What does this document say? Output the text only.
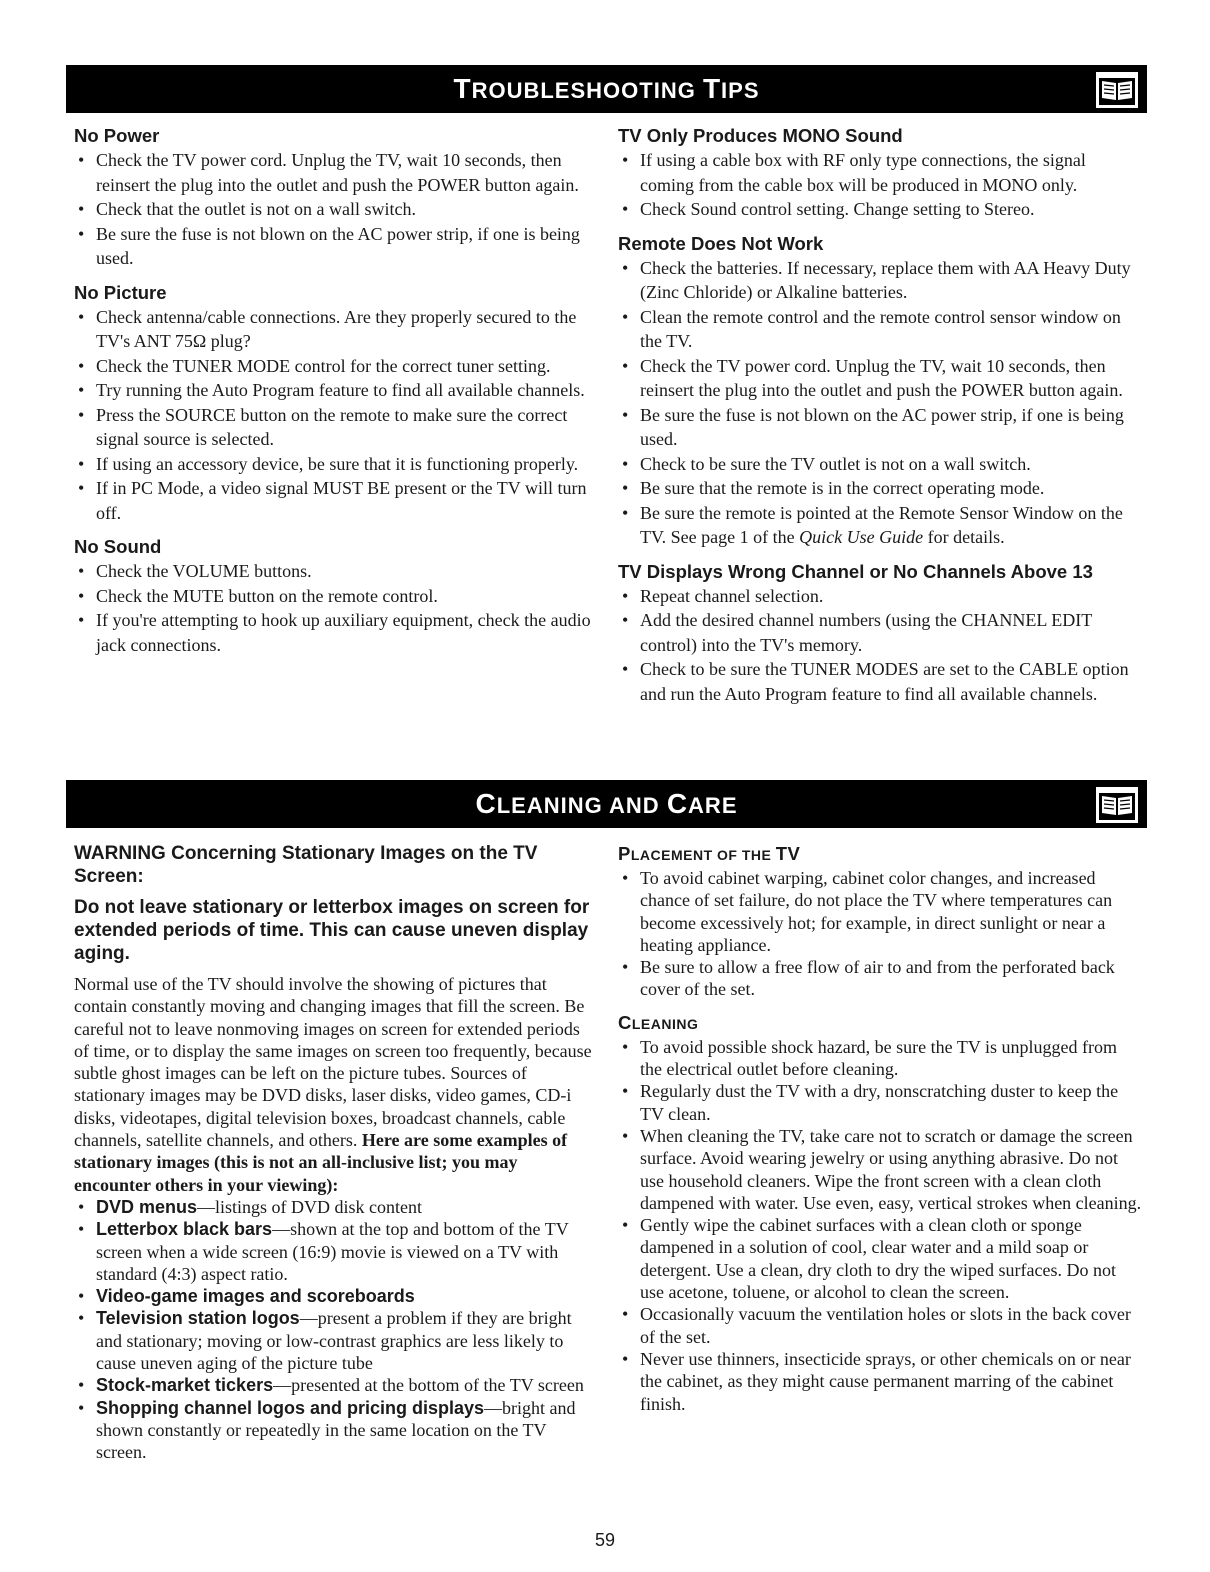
TROUBLESHOOTING TIPS

No Power

• Check the TV power cord. Unplug the TV, wait 10 seconds, then reinsert the plug into the outlet and push the POWER button again.
• Check that the outlet is not on a wall switch.
• Be sure the fuse is not blown on the AC power strip, if one is being used.

No Picture

• Check antenna/cable connections. Are they properly secured to the TV's ANT 75Ω plug?
• Check the TUNER MODE control for the correct tuner setting.
• Try running the Auto Program feature to find all available channels.
• Press the SOURCE button on the remote to make sure the correct signal source is selected.
• If using an accessory device, be sure that it is functioning properly.
• If in PC Mode, a video signal MUST BE present or the TV will turn off.

No Sound

• Check the VOLUME buttons.
• Check the MUTE button on the remote control.
• If you're attempting to hook up auxiliary equipment, check the audio jack connections.

TV Only Produces MONO Sound

• If using a cable box with RF only type connections, the signal coming from the cable box will be produced in MONO only.
• Check Sound control setting. Change setting to Stereo.

Remote Does Not Work

• Check the batteries. If necessary, replace them with AA Heavy Duty (Zinc Chloride) or Alkaline batteries.
• Clean the remote control and the remote control sensor window on the TV.
• Check the TV power cord. Unplug the TV, wait 10 seconds, then reinsert the plug into the outlet and push the POWER button again.
• Be sure the fuse is not blown on the AC power strip, if one is being used.
• Check to be sure the TV outlet is not on a wall switch.
• Be sure that the remote is in the correct operating mode.
• Be sure the remote is pointed at the Remote Sensor Window on the TV. See page 1 of the Quick Use Guide for details.

TV Displays Wrong Channel or No Channels Above 13

• Repeat channel selection.
• Add the desired channel numbers (using the CHANNEL EDIT control) into the TV's memory.
• Check to be sure the TUNER MODES are set to the CABLE option and run the Auto Program feature to find all available channels.
CLEANING AND CARE

WARNING Concerning Stationary Images on the TV Screen:

Do not leave stationary or letterbox images on screen for extended periods of time. This can cause uneven display aging.

Normal use of the TV should involve the showing of pictures that contain constantly moving and changing images that fill the screen. Be careful not to leave nonmoving images on screen for extended periods of time, or to display the same images on screen too frequently, because subtle ghost images can be left on the picture tubes. Sources of stationary images may be DVD disks, laser disks, video games, CD-i disks, videotapes, digital television boxes, broadcast channels, cable channels, satellite channels, and others. Here are some examples of stationary images (this is not an all-inclusive list; you may encounter others in your viewing):

• DVD menus—listings of DVD disk content
• Letterbox black bars—shown at the top and bottom of the TV screen when a wide screen (16:9) movie is viewed on a TV with standard (4:3) aspect ratio.
• Video-game images and scoreboards
• Television station logos—present a problem if they are bright and stationary; moving or low-contrast graphics are less likely to cause uneven aging of the picture tube
• Stock-market tickers—presented at the bottom of the TV screen
• Shopping channel logos and pricing displays—bright and shown constantly or repeatedly in the same location on the TV screen.

PLACEMENT OF THE TV

• To avoid cabinet warping, cabinet color changes, and increased chance of set failure, do not place the TV where temperatures can become excessively hot; for example, in direct sunlight or near a heating appliance.
• Be sure to allow a free flow of air to and from the perforated back cover of the set.

CLEANING

• To avoid possible shock hazard, be sure the TV is unplugged from the electrical outlet before cleaning.
• Regularly dust the TV with a dry, nonscratching duster to keep the TV clean.
• When cleaning the TV, take care not to scratch or damage the screen surface. Avoid wearing jewelry or using anything abrasive. Do not use household cleaners. Wipe the front screen with a clean cloth dampened with water. Use even, easy, vertical strokes when cleaning.
• Gently wipe the cabinet surfaces with a clean cloth or sponge dampened in a solution of cool, clear water and a mild soap or detergent. Use a clean, dry cloth to dry the wiped surfaces. Do not use acetone, toluene, or alcohol to clean the screen.
• Occasionally vacuum the ventilation holes or slots in the back cover of the set.
• Never use thinners, insecticide sprays, or other chemicals on or near the cabinet, as they might cause permanent marring of the cabinet finish.
59
